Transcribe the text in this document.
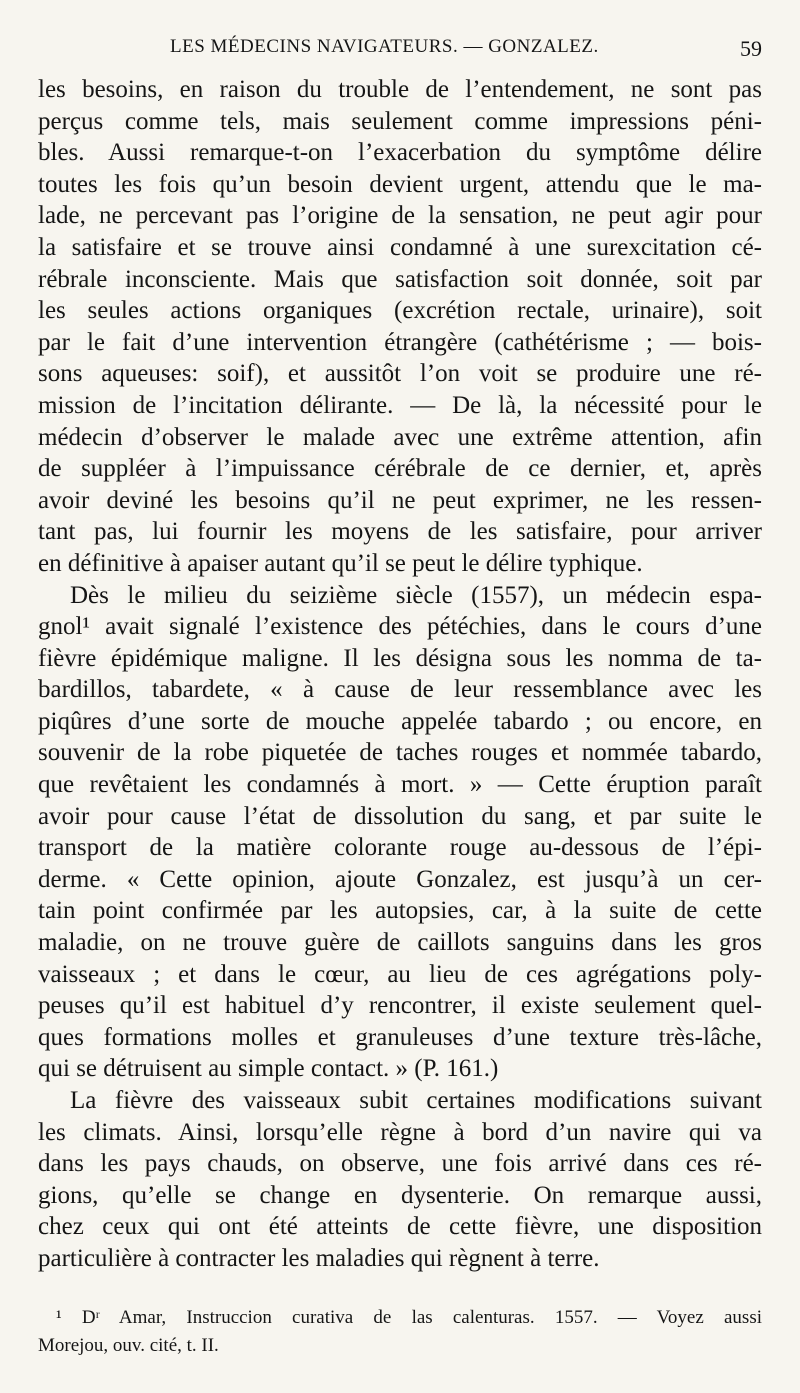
LES MÉDECINS NAVIGATEURS. — GONZALEZ.	59
les besoins, en raison du trouble de l’entendement, ne sont pas
perçus comme tels, mais seulement comme impressions péni-
bles. Aussi remarque-t-on l’exacerbation du symptôme délire
toutes les fois qu’un besoin devient urgent, attendu que le ma-
lade, ne percevant pas l’origine de la sensation, ne peut agir pour
la satisfaire et se trouve ainsi condamné à une surexcitation cé-
rébrale inconsciente. Mais que satisfaction soit donnée, soit par
les seules actions organiques (excrétion rectale, urinaire), soit
par le fait d’une intervention étrangère (cathétérisme ; — bois-
sons aqueuses: soif), et aussitôt l’on voit se produire une ré-
mission de l’incitation délirante. — De là, la nécessité pour le
médecin d’observer le malade avec une extrême attention, afin
de suppléer à l’impuissance cérébrale de ce dernier, et, après
avoir deviné les besoins qu’il ne peut exprimer, ne les ressen-
tant pas, lui fournir les moyens de les satisfaire, pour arriver
en définitive à apaiser autant qu’il se peut le délire typhique.
Dès le milieu du seizième siècle (1557), un médecin espa-
gnol¹ avait signalé l’existence des pétéchies, dans le cours d’une
fièvre épidémique maligne. Il les désigna sous les nomma de ta-
bardillos, tabardete, « à cause de leur ressemblance avec les
piqûres d’une sorte de mouche appelée tabardo ; ou encore, en
souvenir de la robe piquetée de taches rouges et nommée tabardo,
que revêtaient les condamnés à mort. » — Cette éruption paraît
avoir pour cause l’état de dissolution du sang, et par suite le
transport de la matière colorante rouge au-dessous de l’épi-
derme. « Cette opinion, ajoute Gonzalez, est jusqu’à un cer-
tain point confirmée par les autopsies, car, à la suite de cette
maladie, on ne trouve guère de caillots sanguins dans les gros
vaisseaux ; et dans le cœur, au lieu de ces agrégations poly-
peuses qu’il est habituel d’y rencontrer, il existe seulement quel-
ques formations molles et granuleuses d’une texture très-lâche,
qui se détruisent au simple contact. » (P. 161.)
La fièvre des vaisseaux subit certaines modifications suivant
les climats. Ainsi, lorsqu’elle règne à bord d’un navire qui va
dans les pays chauds, on observe, une fois arrivé dans ces ré-
gions, qu’elle se change en dysenterie. On remarque aussi,
chez ceux qui ont été atteints de cette fièvre, une disposition
particulière à contracter les maladies qui règnent à terre.
¹ Dʳ Amar, Instruccion curativa de las calenturas. 1557. — Voyez aussi
Morejou, ouv. cité, t. II.
